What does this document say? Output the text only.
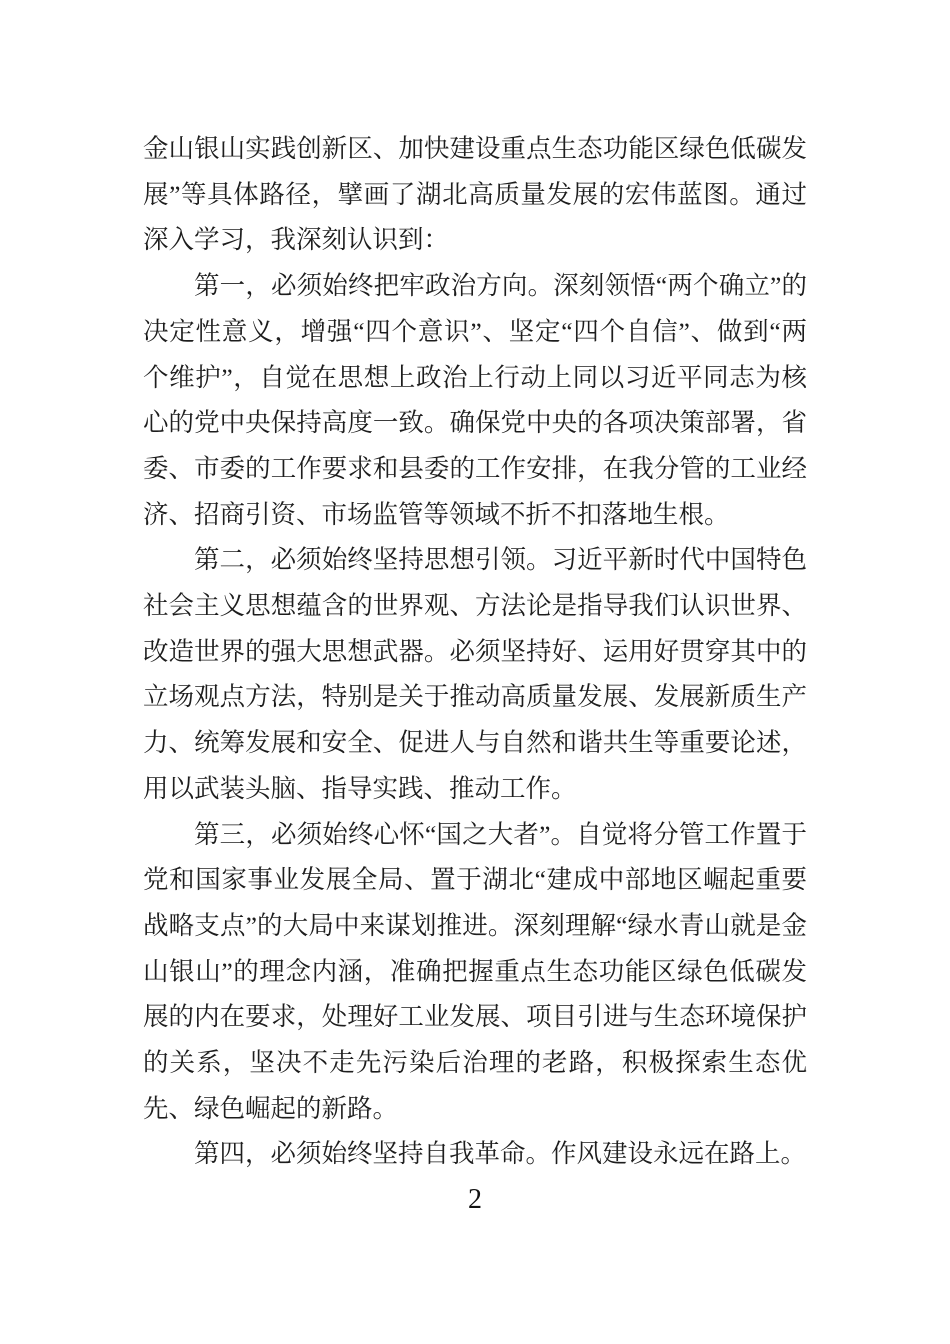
金山银山实践创新区、加快建设重点生态功能区绿色低碳发展”等具体路径，擘画了湖北高质量发展的宏伟蓝图。通过深入学习，我深刻认识到：

第一，必须始终把牢政治方向。深刻领悟“两个确立”的决定性意义，增强“四个意识”、坚定“四个自信”、做到“两个维护”，自觉在思想上政治上行动上同以习近平同志为核心的党中央保持高度一致。确保党中央的各项决策部署，省委、市委的工作要求和县委的工作安排，在我分管的工业经济、招商引资、市场监管等领域不折不扣落地生根。

第二，必须始终坚持思想引领。习近平新时代中国特色社会主义思想蕴含的世界观、方法论是指导我们认识世界、改造世界的强大思想武器。必须坚持好、运用好贯穿其中的立场观点方法，特别是关于推动高质量发展、发展新质生产力、统筹发展和安全、促进人与自然和谐共生等重要论述，用以武装头脑、指导实践、推动工作。

第三，必须始终心怀“国之大者”。自觉将分管工作置于党和国家事业发展全局、置于湖北“建成中部地区崛起重要战略支点”的大局中来谋划推进。深刻理解“绿水青山就是金山银山”的理念内涵，准确把握重点生态功能区绿色低碳发展的内在要求，处理好工业发展、项目引进与生态环境保护的关系，坚决不走先污染后治理的老路，积极探索生态优先、绿色崛起的新路。

第四，必须始终坚持自我革命。作风建设永远在路上。

2
